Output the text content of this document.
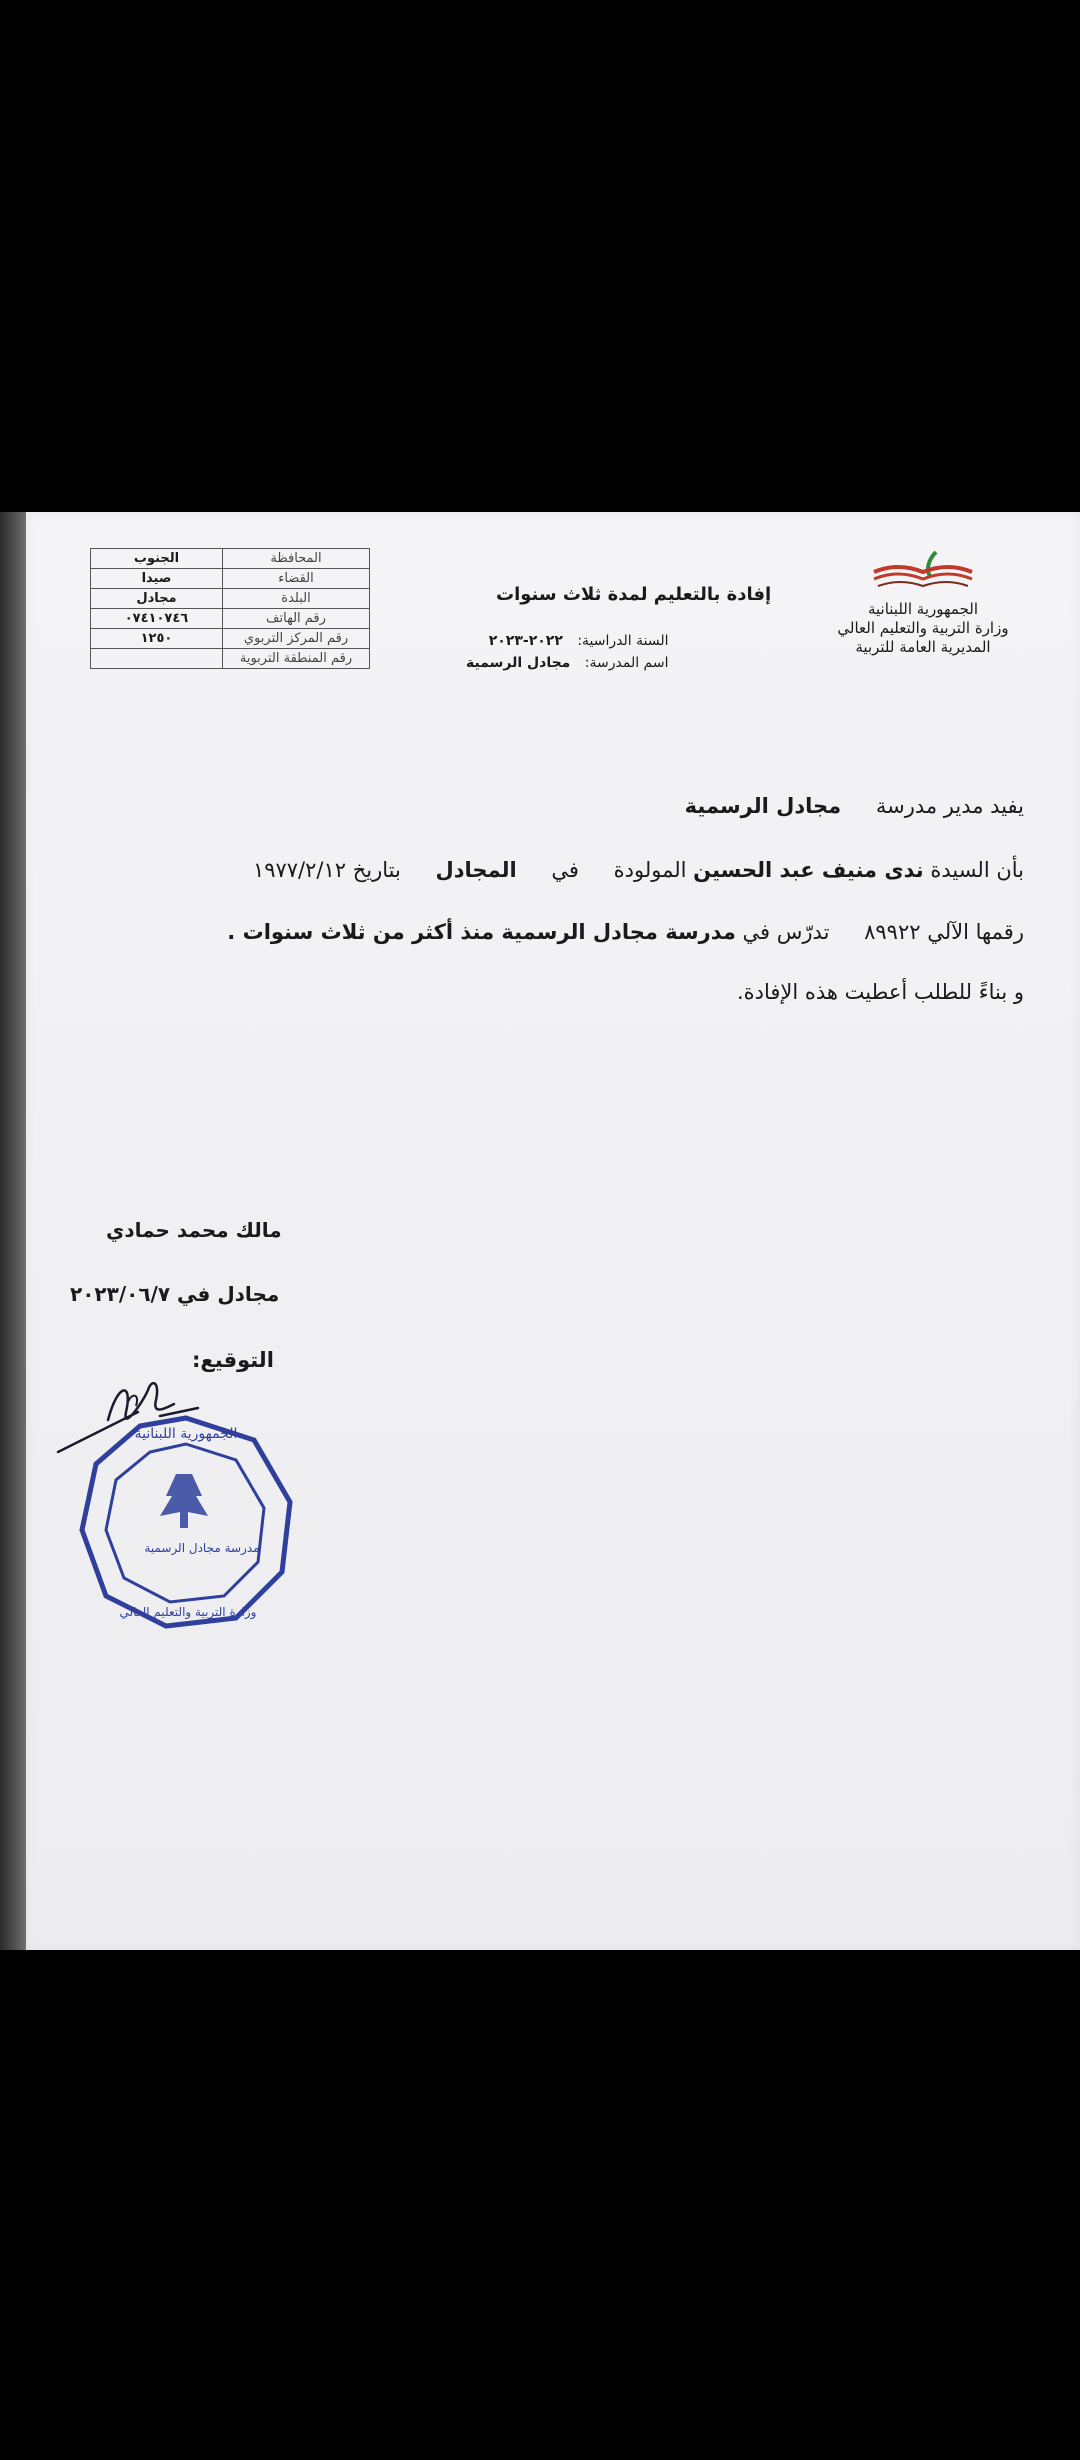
الجمهورية اللبنانية
وزارة التربية والتعليم العالي
المديرية العامة للتربية
إفادة بالتعليم لمدة ثلاث سنوات
السنة الدراسية: ٢٠٢٢-٢٠٢٣
اسم المدرسة: مجادل الرسمية
المحافظة	الجنوب
القضاء	صيدا
البلدة	مجادل
رقم الهاتف	٠٧٤١٠٧٤٦
رقم المركز التربوي	١٢٥٠
رقم المنطقة التربوية	
يفيد مدير مدرسة مجادل الرسمية
بأن السيدة ندى منيف عبد الحسين المولودة في المجادل بتاريخ ١٩٧٧/٢/١٢
رقمها الآلي ٨٩٩٢٢ تدرّس في مدرسة مجادل الرسمية منذ أكثر من ثلاث سنوات .
و بناءً للطلب أعطيت هذه الإفادة.
مالك محمد حمادي
مجادل في ٢٠٢٣/٠٦/٧
التوقيع:
الجمهورية اللبنانية
مدرسة مجادل الرسمية
وزارة التربية والتعليم العالي
